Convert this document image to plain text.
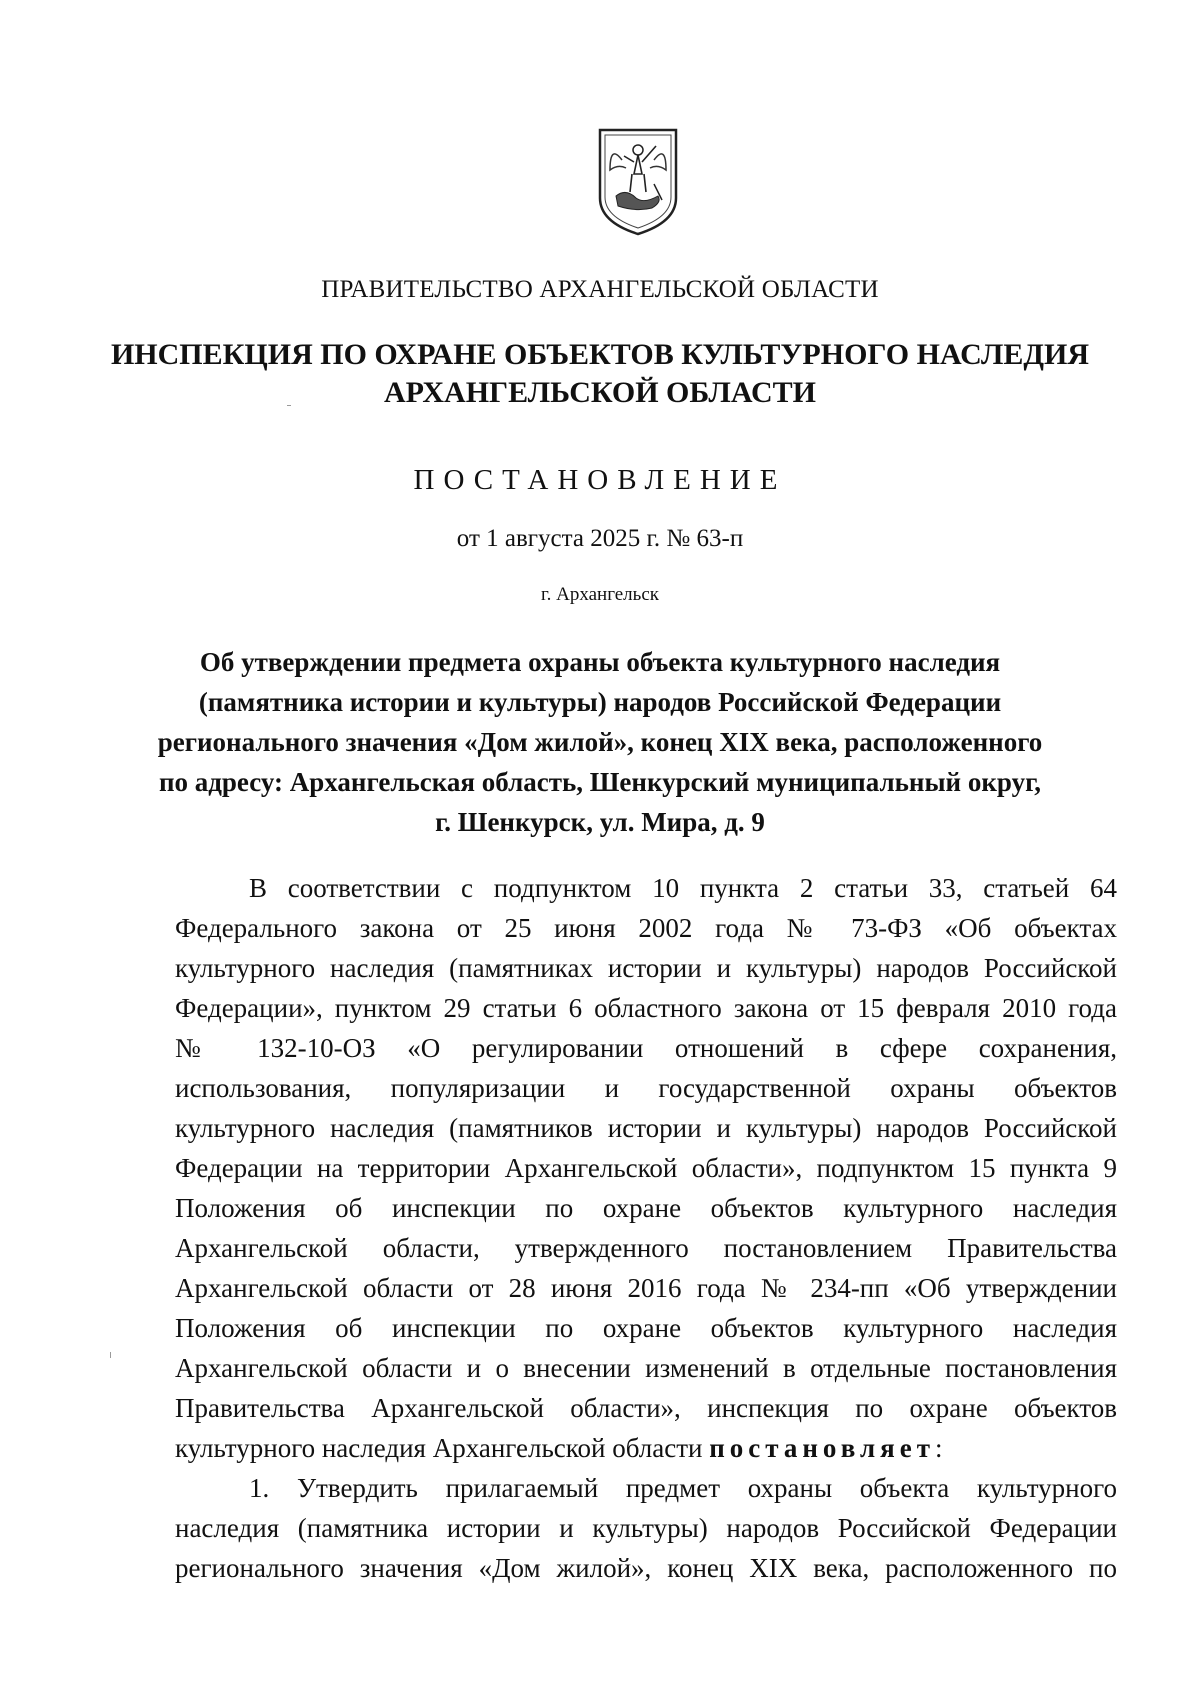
ПРАВИТЕЛЬСТВО АРХАНГЕЛЬСКОЙ ОБЛАСТИ
ИНСПЕКЦИЯ ПО ОХРАНЕ ОБЪЕКТОВ КУЛЬТУРНОГО НАСЛЕДИЯ
АРХАНГЕЛЬСКОЙ ОБЛАСТИ
ПОСТАНОВЛЕНИЕ
от 1 августа 2025 г. № 63-п
г. Архангельск
Об утверждении предмета охраны объекта культурного наследия
(памятника истории и культуры) народов Российской Федерации
регионального значения «Дом жилой», конец XIX века, расположенного
по адресу: Архангельская область, Шенкурский муниципальный округ,
г. Шенкурск, ул. Мира, д. 9

В соответствии с подпунктом 10 пункта 2 статьи 33, статьей 64

Федерального закона от 25 июня 2002 года № 73-ФЗ «Об объектах

культурного наследия (памятниках истории и культуры) народов Российской

Федерации», пунктом 29 статьи 6 областного закона от 15 февраля 2010 года

№ 132-10-ОЗ «О регулировании отношений в сфере сохранения,

использования, популяризации и государственной охраны объектов

культурного наследия (памятников истории и культуры) народов Российской

Федерации на территории Архангельской области», подпунктом 15 пункта 9

Положения об инспекции по охране объектов культурного наследия

Архангельской области, утвержденного постановлением Правительства

Архангельской области от 28 июня 2016 года № 234-пп «Об утверждении

Положения об инспекции по охране объектов культурного наследия

Архангельской области и о внесении изменений в отдельные постановления

Правительства Архангельской области», инспекция по охране объектов

культурного наследия Архангельской области постановляет:

1. Утвердить прилагаемый предмет охраны объекта культурного

наследия (памятника истории и культуры) народов Российской Федерации

регионального значения «Дом жилой», конец XIX века, расположенного по
